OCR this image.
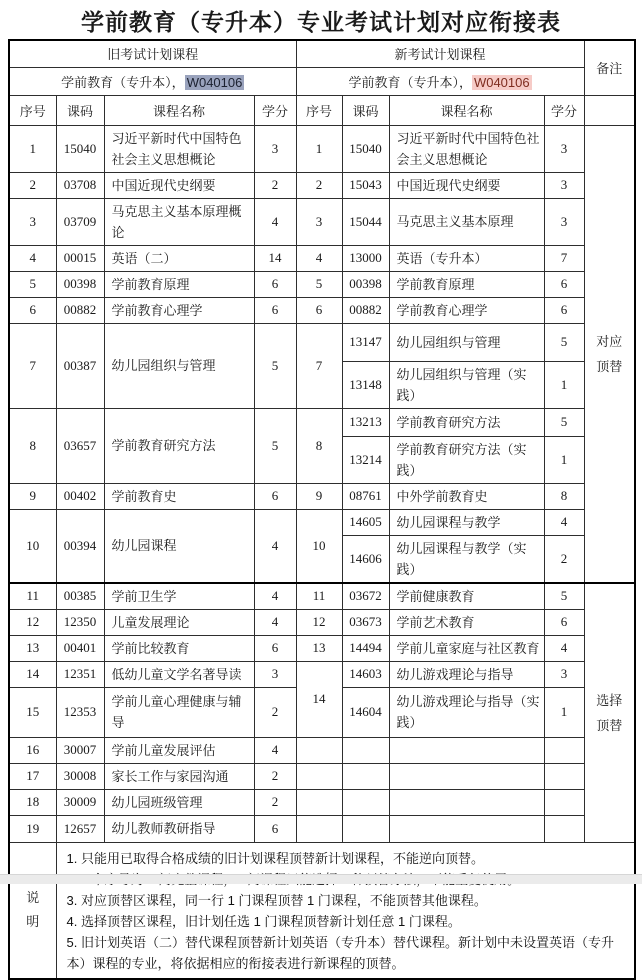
学前教育（专升本）专业考试计划对应衔接表
旧考试计划课程				新考试计划课程				备注
学前教育（专升本）， W040106				学前教育（专升本）， W040106				
序号	课码	课程名称	学分	序号	课码	课程名称	学分	
1	15040	习近平新时代中国特色社会主义思想概论	3	1	15040	习近平新时代中国特色社会主义思想概论	3	对应
顶替

2	03708	中国近现代史纲要	2	2	15043	中国近现代史纲要	3	
3	03709	马克思主义基本原理概论	4	3	15044	马克思主义基本原理	3	
4	00015	英语（二）	14	4	13000	英语（专升本）	7	
5	00398	学前教育原理	6	5	00398	学前教育原理	6	
6	00882	学前教育心理学	6	6	00882	学前教育心理学	6	
7	00387	幼儿园组织与管理	5	7	13147	幼儿园组织与管理	5	
					13148	幼儿园组织与管理（实践）	1	
8	03657	学前教育研究方法	5	8	13213	学前教育研究方法	5	
					13214	学前教育研究方法（实践）	1	
9	00402	学前教育史	6	9	08761	中外学前教育史	8	
10	00394	幼儿园课程	4	10	14605	幼儿园课程与教学	4	
					14606	幼儿园课程与教学（实践）	2	
11	00385	学前卫生学	4	11	03672	学前健康教育	5	选择
顶替

12	12350	儿童发展理论	4	12	03673	学前艺术教育	6	
13	00401	学前比较教育	6	13	14494	学前儿童家庭与社区教育	4	
14	12351	低幼儿童文学名著导读	3	14	14603	幼儿游戏理论与指导	3	
15	12353	学前儿童心理健康与辅导	2		14604	幼儿游戏理论与指导（实践）	1	
16	30007	学前儿童发展评估	4					
17	30008	家长工作与家园沟通	2					
18	30009	幼儿园班级管理	2					
19	12657	幼儿教师教研指导	6					

说
明

1. 只能用已取得合格成绩的旧计划课程顶替新计划课程，不能逆向顶替。
3. 对应顶替区课程，同一行 1 门课程顶替 1 门课程，不能顶替其他课程。
4. 选择顶替区课程，旧计划任选 1 门课程顶替新计划任意 1 门课程。
5. 旧计划英语（二）替代课程顶替新计划英语（专升本）替代课程。新计划中未设置英语（专升本）课程的专业，将依据相应的衔接表进行新课程的顶替。
